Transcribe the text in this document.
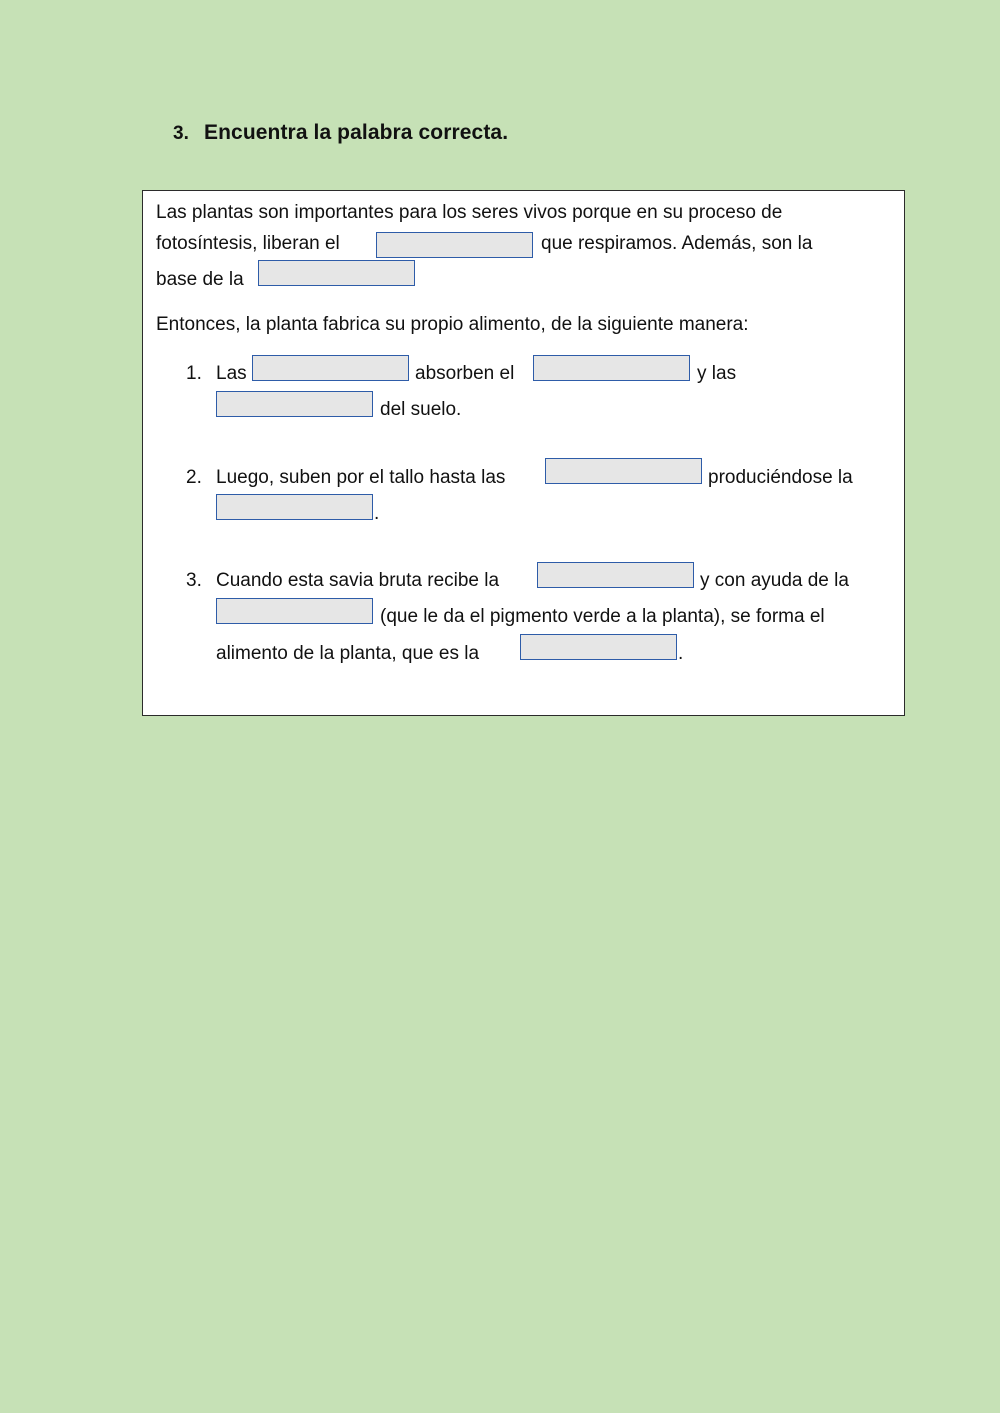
3. Encuentra la palabra correcta.
Las plantas son importantes para los seres vivos porque en su proceso de
fotosíntesis, liberan el	que respiramos. Además, son la
base de la
Entonces, la planta fabrica su propio alimento, de la siguiente manera:
1. Las	absorben el	y las
del suelo.
2. Luego, suben por el tallo hasta las	produciéndose la
.
3. Cuando esta savia bruta recibe la	y con ayuda de la
(que le da el pigmento verde a la planta), se forma el
alimento de la planta, que es la	.
